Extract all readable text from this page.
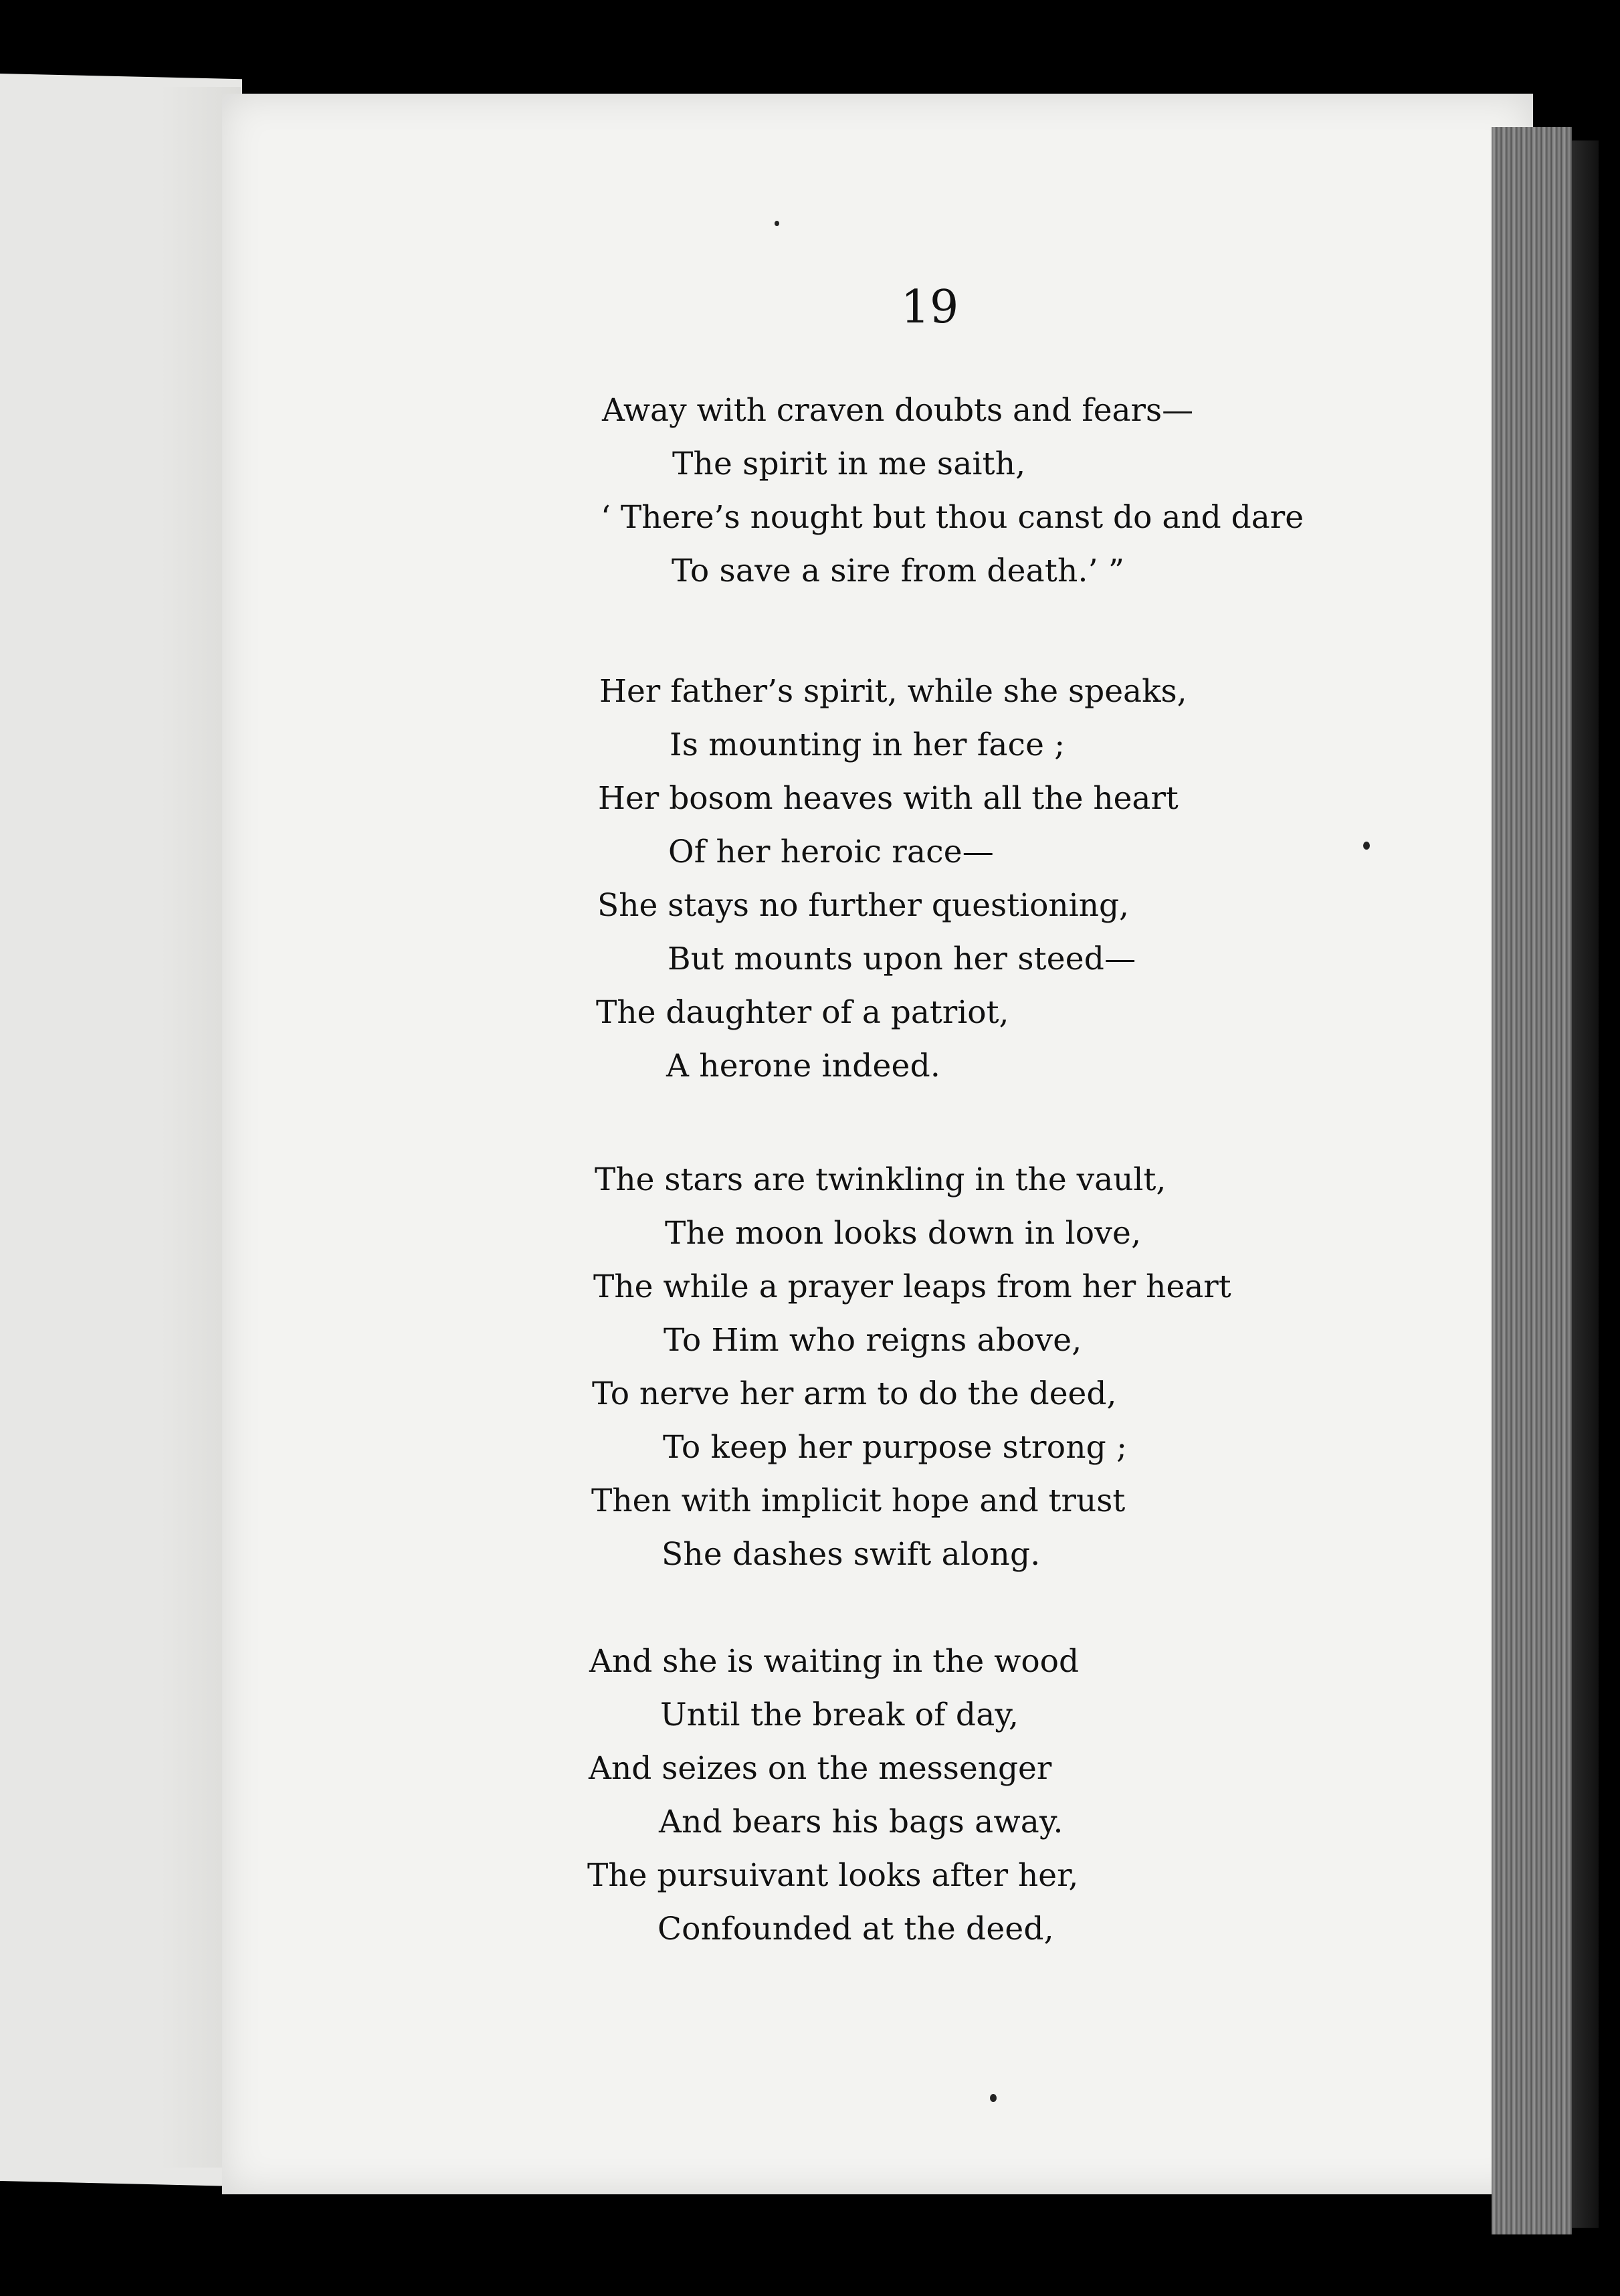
19
Away with craven doubts and fears—
The spirit in me saith,
‘ There’s nought but thou canst do and dare
To save a sire from death.’ ”
Her father’s spirit, while she speaks,
Is mounting in her face ;
Her bosom heaves with all the heart
Of her heroic race—
She stays no further questioning,
But mounts upon her steed—
The daughter of a patriot,
A herone indeed.
The stars are twinkling in the vault,
The moon looks down in love,
The while a prayer leaps from her heart
To Him who reigns above,
To nerve her arm to do the deed,
To keep her purpose strong ;
Then with implicit hope and trust
She dashes swift along.
And she is waiting in the wood
Until the break of day,
And seizes on the messenger
And bears his bags away.
The pursuivant looks after her,
Confounded at the deed,
